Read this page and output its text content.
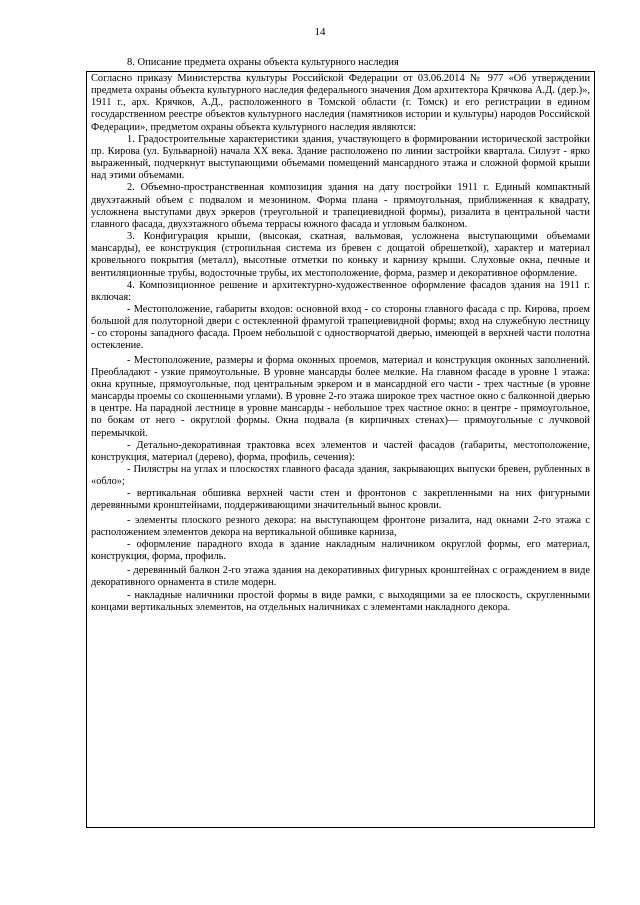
14
8. Описание предмета охраны объекта культурного наследия

Согласно приказу Министерства культуры Российской Федерации от 03.06.2014 № 977 «Об утверждении предмета охраны объекта культурного наследия федерального значения Дом архитектора Крячкова А.Д. (дер.)», 1911 г., арх. Крячков, А.Д., расположенного в Томской области (г. Томск) и его регистрации в едином государственном реестре объектов культурного наследия (памятников истории и культуры) народов Российской Федерации», предметом охраны объекта культурного наследия являются:

1. Градостроительные характеристики здания, участвующего в формировании исторической застройки пр. Кирова (ул. Бульварной) начала XX века. Здание расположено по линии застройки квартала. Силуэт - ярко выраженный, подчеркнут выступающими объемами помещений мансардного этажа и сложной формой крыши над этими объемами.

2. Объемно-пространственная композиция здания на дату постройки 1911 г. Единый компактный двухэтажный объем с подвалом и мезонином. Форма плана - прямоугольная, приближенная к квадрату, усложнена выступами двух эркеров (треугольной и трапециевидной формы), ризалита в центральной части главного фасада, двухэтажного объема террасы южного фасада и угловым балконом.

3. Конфигурация крыши, (высокая, скатная, вальмовая, усложнена выступающими объемами мансарды), ее конструкция (стропильная система из бревен с дощатой обрешеткой), характер и материал кровельного покрытия (металл), высотные отметки по коньку и карнизу крыши. Слуховые окна, печные и вентиляционные трубы, водосточные трубы, их местоположение, форма, размер и декоративное оформление.

4. Композиционное решение и архитектурно-художественное оформление фасадов здания на 1911 г. включая:

- Местоположение, габариты входов: основной вход - со стороны главного фасада с пр. Кирова, проем большой для полуторной двери с остекленной фрамугой трапециевидной формы; вход на служебную лестницу - со стороны западного фасада. Проем небольшой с одностворчатой дверью, имеющей в верхней части полотна остекление.

- Местоположение, размеры и форма оконных проемов, материал и конструкция оконных заполнений. Преобладают - узкие прямоугольные. В уровне мансарды более мелкие. На главном фасаде в уровне 1 этажа: окна крупные, прямоугольные, под центральным эркером и в мансардной его части - трех частные (в уровне мансарды проемы со скошенными углами). В уровне 2-го этажа широкое трех частное окно с балконной дверью в центре. На парадной лестнице в уровне мансарды - небольшое трех частное окно: в центре - прямоугольное, по бокам от него - округлой формы. Окна подвала (в кирпичных стенах)— прямоугольные с лучковой перемычкой.

- Детально-декоративная трактовка всех элементов и частей фасадов (габариты, местоположение, конструкция, материал (дерево), форма, профиль, сечения):

- Пилястры на углах и плоскостях главного фасада здания, закрывающих выпуски бревен, рубленных в «обло»;

- вертикальная обшивка верхней части стен и фронтонов с закрепленными на них фигурными деревянными кронштейнами, поддерживающими значительный вынос кровли.

- элементы плоского резного декора: на выступающем фронтоне ризалита, над окнами 2-го этажа с расположением элементов декора на вертикальной обшивке карниза,

- оформление парадного входа в здание накладным наличником округлой формы, его материал, конструкция, форма, профиль.

- деревянный балкон 2-го этажа здания на декоративных фигурных кронштейнах с ограждением в виде декоративного орнамента в стиле модерн.

- накладные наличники простой формы в виде рамки, с выходящими за ее плоскость, скругленными концами вертикальных элементов, на отдельных наличниках с элементами накладного декора.
